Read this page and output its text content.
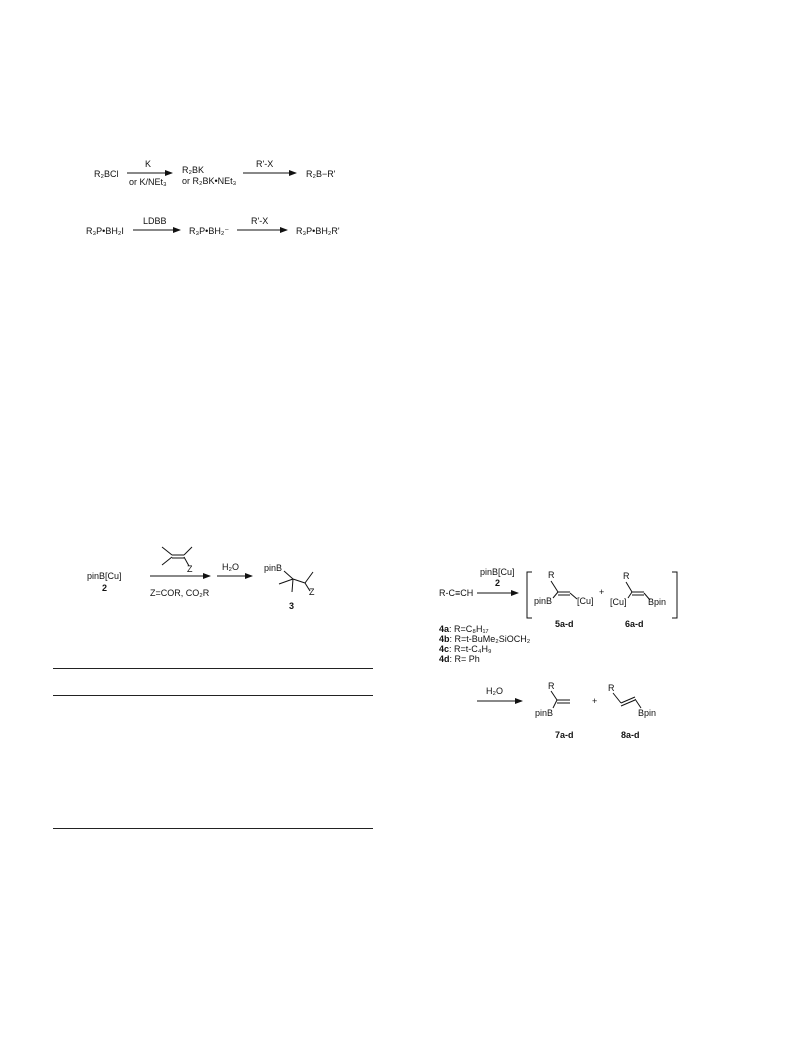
R₂BCl
K
or K/NEt₃
R₂BK
or R₂BK•NEt₃
R'-X
R₂B−R'
R₃P•BH₂I
LDBB
R₃P•BH₂⁻
R'-X
R₃P•BH₂R'
pinB[Cu]
2
Z
Z=COR, CO₂R
H₂O	pinB
Z
3
R-C≡CH
pinB[Cu]
2
R
pinB	[Cu]
+
R
[Cu] Bpin
5a-d	6a-d
4a: R=C₈H₁₇
4b: R=t-BuMe₂SiOCH₂
4c: R=t-C₄H₉
4d: R= Ph
H₂O	R
pinB
+
R
Bpin
7a-d	8a-d
